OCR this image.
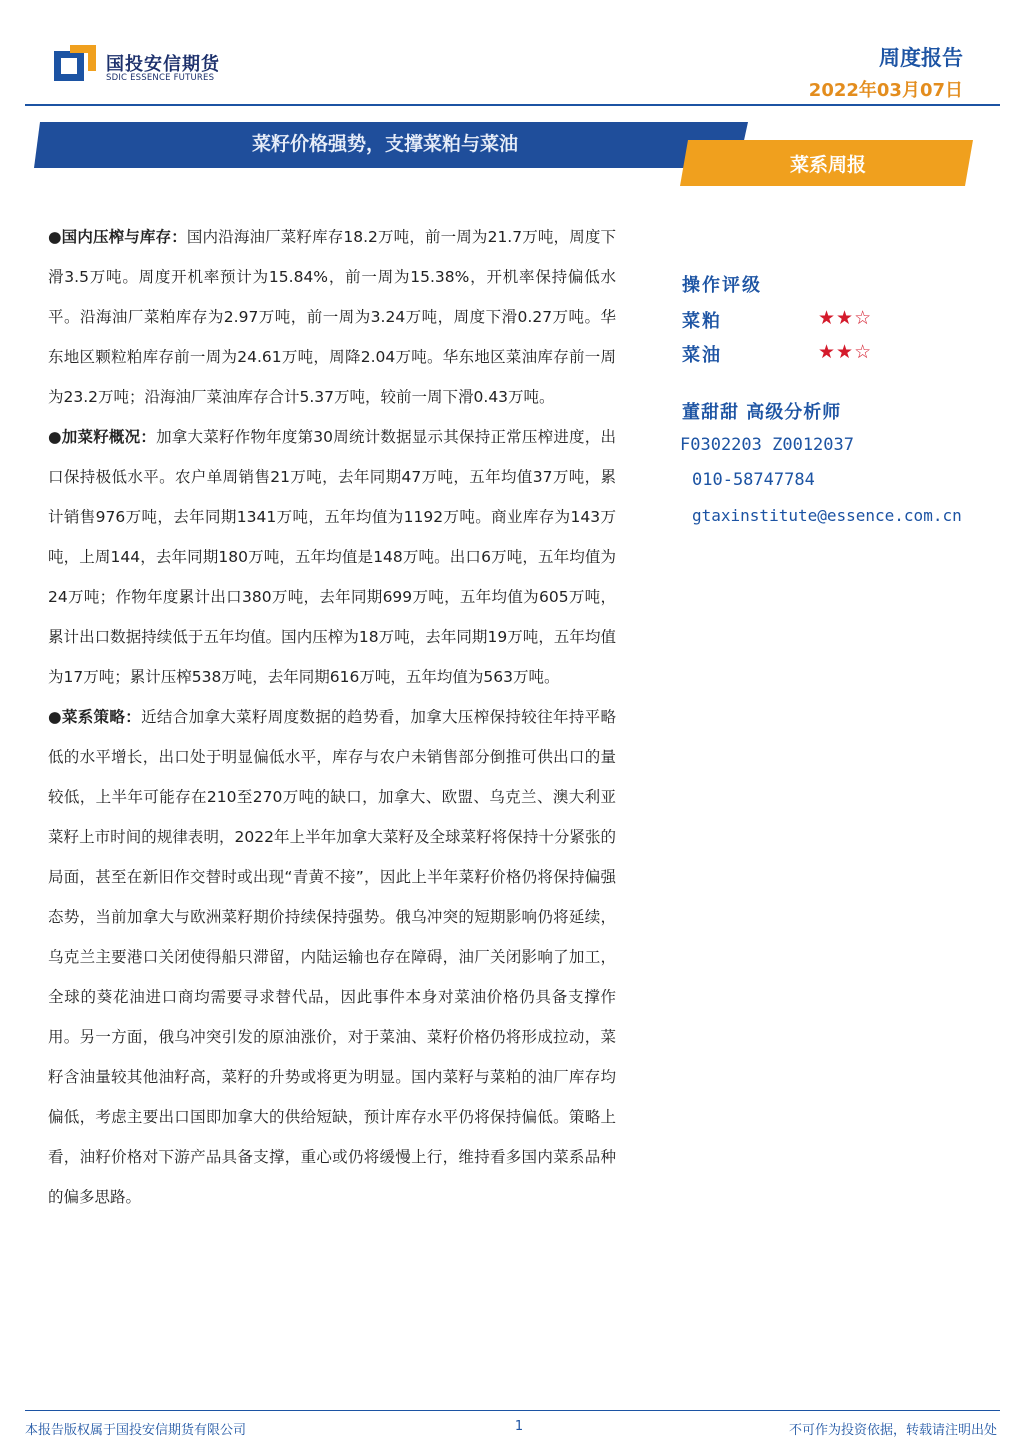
国投安信期货
SDIC ESSENCE FUTURES
周度报告
2022年03月07日
菜籽价格强势，支撑菜粕与菜油
菜系周报

●国内压榨与库存：国内沿海油厂菜籽库存18.2万吨，前一周为21.7万吨，周度下滑3.5万吨。周度开机率预计为15.84%，前一周为15.38%，开机率保持偏低水平。沿海油厂菜粕库存为2.97万吨，前一周为3.24万吨，周度下滑0.27万吨。华东地区颗粒粕库存前一周为24.61万吨，周降2.04万吨。华东地区菜油库存前一周为23.2万吨；沿海油厂菜油库存合计5.37万吨，较前一周下滑0.43万吨。

●加菜籽概况：加拿大菜籽作物年度第30周统计数据显示其保持正常压榨进度，出口保持极低水平。农户单周销售21万吨，去年同期47万吨，五年均值37万吨，累计销售976万吨，去年同期1341万吨，五年均值为1192万吨。商业库存为143万吨，上周144，去年同期180万吨，五年均值是148万吨。出口6万吨，五年均值为24万吨；作物年度累计出口380万吨，去年同期699万吨，五年均值为605万吨，累计出口数据持续低于五年均值。国内压榨为18万吨，去年同期19万吨，五年均值为17万吨；累计压榨538万吨，去年同期616万吨，五年均值为563万吨。

●菜系策略：近结合加拿大菜籽周度数据的趋势看，加拿大压榨保持较往年持平略低的水平增长，出口处于明显偏低水平，库存与农户未销售部分倒推可供出口的量较低，上半年可能存在210至270万吨的缺口，加拿大、欧盟、乌克兰、澳大利亚菜籽上市时间的规律表明，2022年上半年加拿大菜籽及全球菜籽将保持十分紧张的局面，甚至在新旧作交替时或出现“青黄不接”，因此上半年菜籽价格仍将保持偏强态势，当前加拿大与欧洲菜籽期价持续保持强势。俄乌冲突的短期影响仍将延续，乌克兰主要港口关闭使得船只滞留，内陆运输也存在障碍，油厂关闭影响了加工，全球的葵花油进口商均需要寻求替代品，因此事件本身对菜油价格仍具备支撑作用。另一方面，俄乌冲突引发的原油涨价，对于菜油、菜籽价格仍将形成拉动，菜籽含油量较其他油籽高，菜籽的升势或将更为明显。国内菜籽与菜粕的油厂库存均偏低，考虑主要出口国即加拿大的供给短缺，预计库存水平仍将保持偏低。策略上看，油籽价格对下游产品具备支撑，重心或仍将缓慢上行，维持看多国内菜系品种的偏多思路。

操作评级
菜粕	★★☆
菜油	★★☆
董甜甜 高级分析师
F0302203 Z0012037
010-58747784
gtaxinstitute@essence.com.cn
本报告版权属于国投安信期货有限公司	1	不可作为投资依据，转载请注明出处
